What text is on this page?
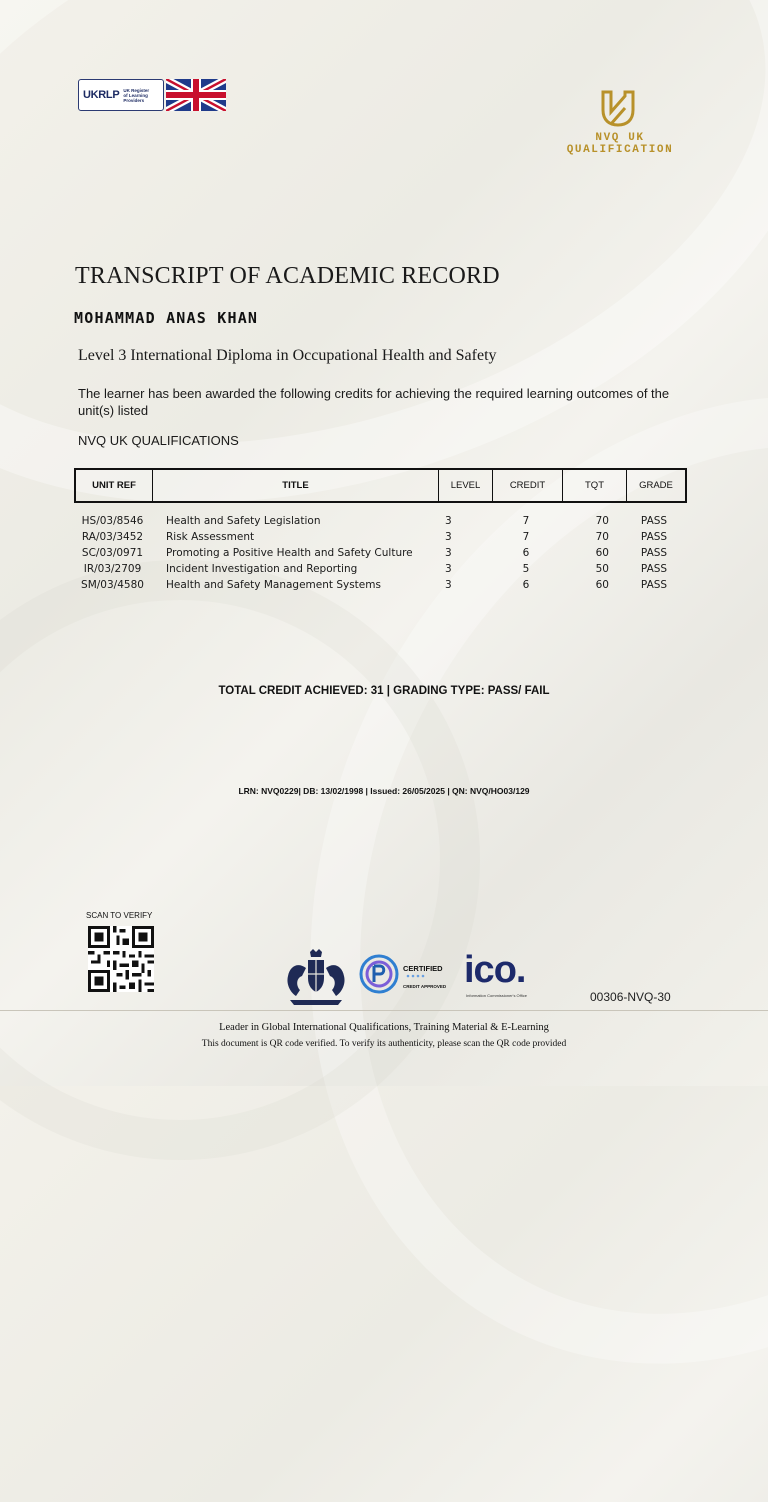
UKRLP UK Register
of Learning
Providers
NVQ UK QUALIFICATION
TRANSCRIPT OF ACADEMIC RECORD
MOHAMMAD ANAS KHAN
Level 3 International Diploma in Occupational Health and Safety
The learner has been awarded the following credits for achieving the required learning outcomes of the unit(s) listed
NVQ UK QUALIFICATIONS
UNIT REF	TITLE	LEVEL	CREDIT	TQT	GRADE
HS/03/8546	Health and Safety Legislation	3	7	70	PASS
RA/03/3452	Risk Assessment	3	7	70	PASS
SC/03/0971	Promoting a Positive Health and Safety Culture	3	6	60	PASS
IR/03/2709	Incident Investigation and Reporting	3	5	50	PASS
SM/03/4580	Health and Safety Management Systems	3	6	60	PASS
TOTAL CREDIT ACHIEVED: 31 | GRADING TYPE: PASS/ FAIL
LRN: NVQ0229| DB: 13/02/1998 | Issued: 26/05/2025 | QN: NVQ/HO03/129
SCAN TO VERIFY
CERTIFIED
CREDIT APPROVED ico.
Information Commissioner's Office	00306-NVQ-30
Leader in Global International Qualifications, Training Material & E-Learning
This document is QR code verified. To verify its authenticity, please scan the QR code provided
